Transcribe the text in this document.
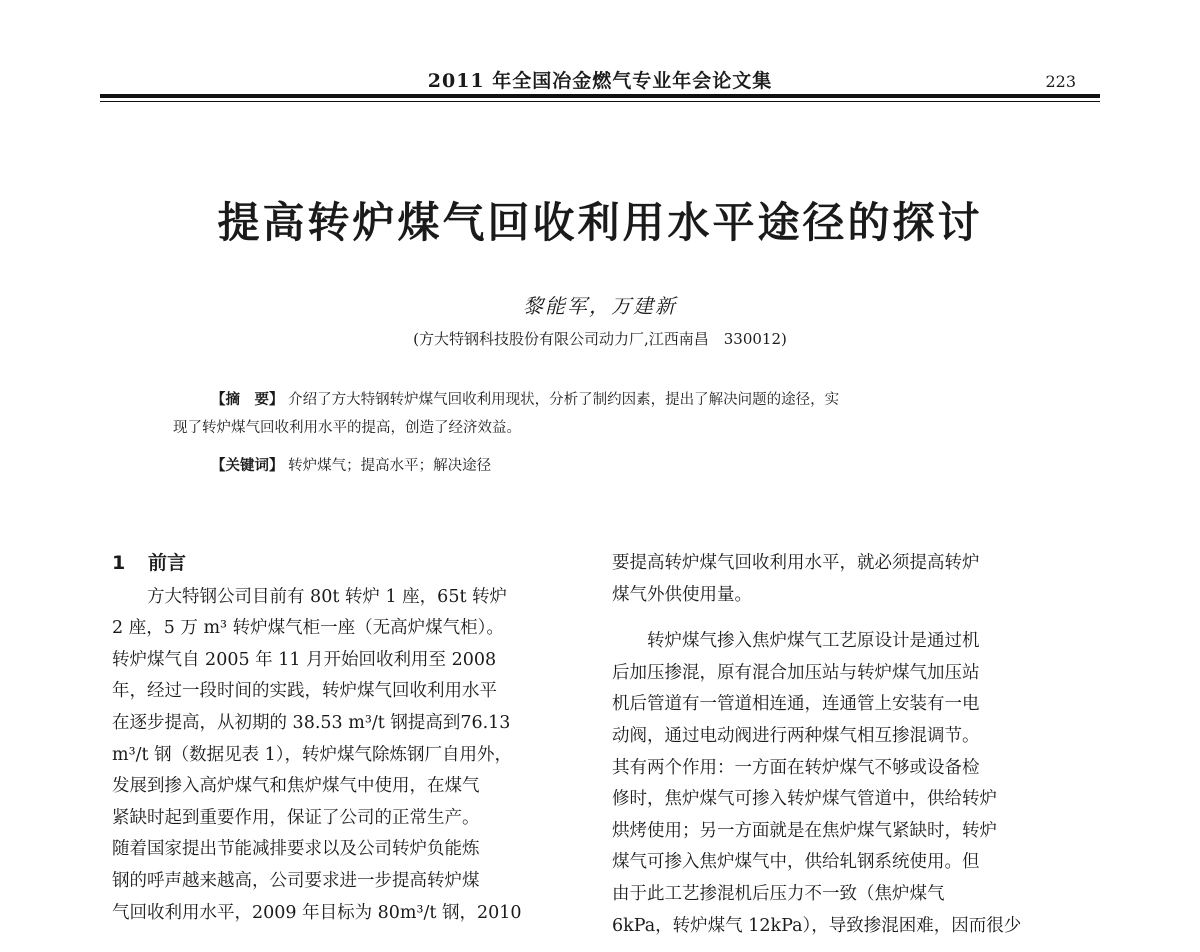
2011 年全国冶金燃气专业年会论文集	223
提高转炉煤气回收利用水平途径的探讨
黎能军，万建新
(方大特钢科技股份有限公司动力厂,江西南昌　330012)
【摘　要】 介绍了方大特钢转炉煤气回收利用现状，分析了制约因素，提出了解决问题的途径，实
现了转炉煤气回收利用水平的提高，创造了经济效益。
【关键词】 转炉煤气；提高水平；解决途径
1 前言
方大特钢公司目前有 80t 转炉 1 座，65t 转炉
2 座，5 万 m³ 转炉煤气柜一座（无高炉煤气柜）。
转炉煤气自 2005 年 11 月开始回收利用至 2008
年，经过一段时间的实践，转炉煤气回收利用水平
在逐步提高，从初期的 38.53 m³/t 钢提高到76.13
m³/t 钢（数据见表 1），转炉煤气除炼钢厂自用外，
发展到掺入高炉煤气和焦炉煤气中使用，在煤气
紧缺时起到重要作用，保证了公司的正常生产。
随着国家提出节能减排要求以及公司转炉负能炼
钢的呼声越来越高，公司要求进一步提高转炉煤
气回收利用水平，2009 年目标为 80m³/t 钢，2010
要提高转炉煤气回收利用水平，就必须提高转炉
煤气外供使用量。
转炉煤气掺入焦炉煤气工艺原设计是通过机
后加压掺混，原有混合加压站与转炉煤气加压站
机后管道有一管道相连通，连通管上安装有一电
动阀，通过电动阀进行两种煤气相互掺混调节。
其有两个作用：一方面在转炉煤气不够或设备检
修时，焦炉煤气可掺入转炉煤气管道中，供给转炉
烘烤使用；另一方面就是在焦炉煤气紧缺时，转炉
煤气可掺入焦炉煤气中，供给轧钢系统使用。但
由于此工艺掺混机后压力不一致（焦炉煤气
6kPa，转炉煤气 12kPa），导致掺混困难，因而很少
